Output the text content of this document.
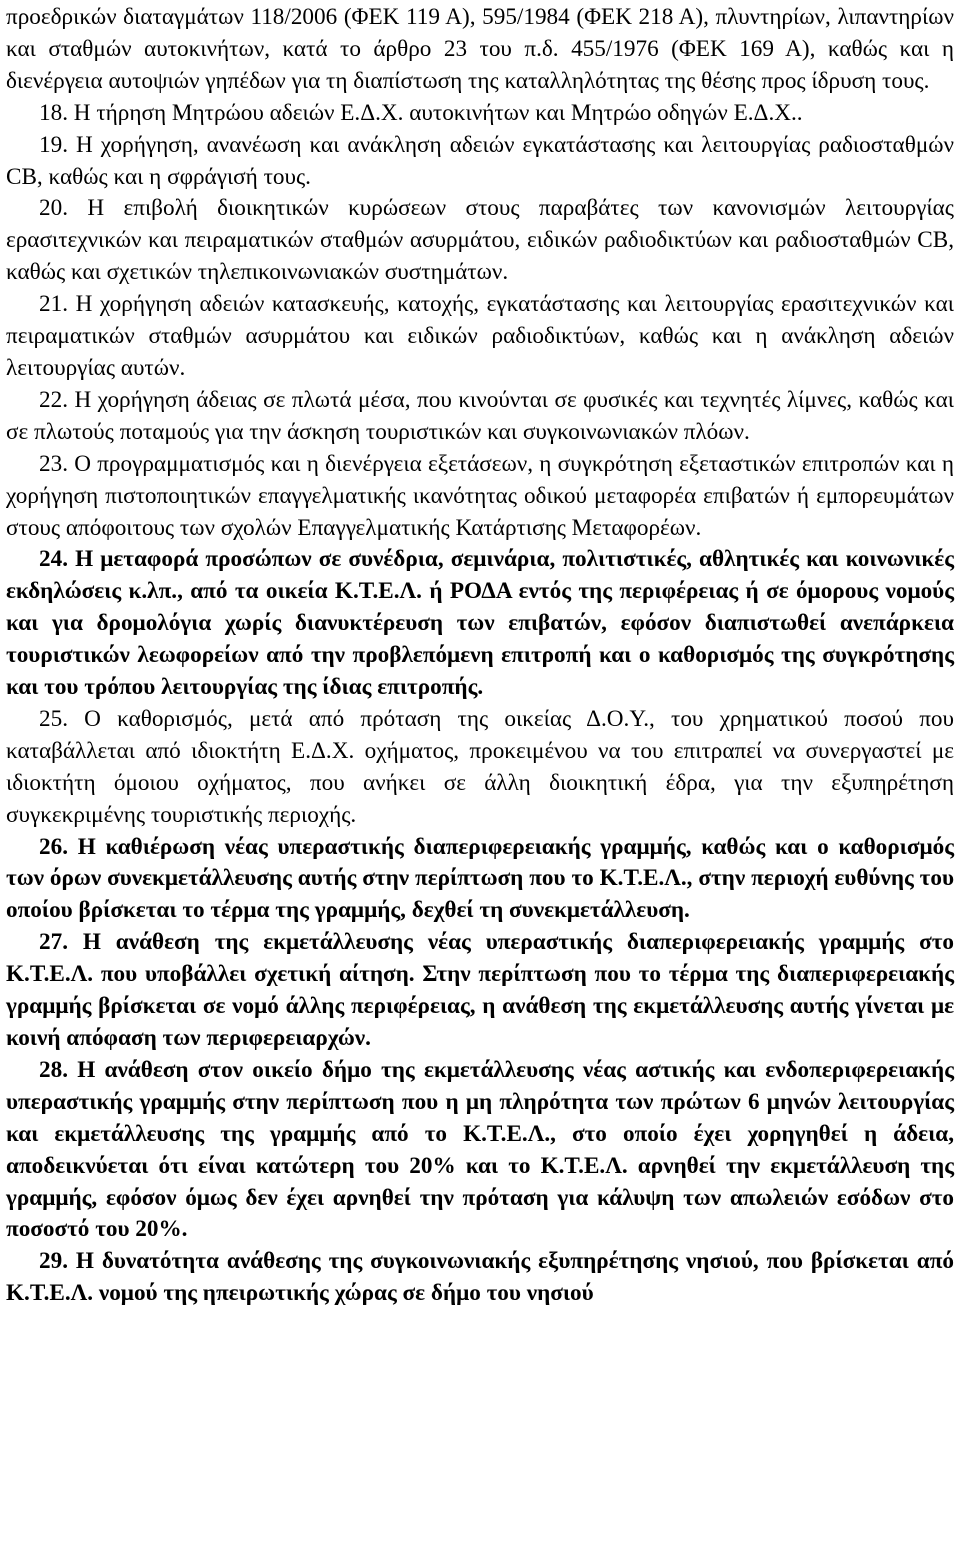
προεδρικών διαταγμάτων 118/2006 (ΦΕΚ 119 Α), 595/1984 (ΦΕΚ 218 Α), πλυντηρίων, λιπαντηρίων και σταθμών αυτοκινήτων, κατά το άρθρο 23 του π.δ. 455/1976 (ΦΕΚ 169 Α), καθώς και η διενέργεια αυτοψιών γηπέδων για τη διαπίστωση της καταλληλότητας της θέσης προς ίδρυση τους.

18. Η τήρηση Μητρώου αδειών Ε.Δ.Χ. αυτοκινήτων και Μητρώο οδηγών Ε.Δ.Χ..

19. Η χορήγηση, ανανέωση και ανάκληση αδειών εγκατάστασης και λειτουργίας ραδιοσταθμών CB, καθώς και η σφράγισή τους.

20. Η επιβολή διοικητικών κυρώσεων στους παραβάτες των κανονισμών λειτουργίας ερασιτεχνικών και πειραματικών σταθμών ασυρμάτου, ειδικών ραδιοδικτύων και ραδιοσταθμών CB, καθώς και σχετικών τηλεπικοινωνιακών συστημάτων.

21. Η χορήγηση αδειών κατασκευής, κατοχής, εγκατάστασης και λειτουργίας ερασιτεχνικών και πειραματικών σταθμών ασυρμάτου και ειδικών ραδιοδικτύων, καθώς και η ανάκληση αδειών λειτουργίας αυτών.

22. Η χορήγηση άδειας σε πλωτά μέσα, που κινούνται σε φυσικές και τεχνητές λίμνες, καθώς και σε πλωτούς ποταμούς για την άσκηση τουριστικών και συγκοινωνιακών πλόων.

23. Ο προγραμματισμός και η διενέργεια εξετάσεων, η συγκρότηση εξεταστικών επιτροπών και η χορήγηση πιστοποιητικών επαγγελματικής ικανότητας οδικού μεταφορέα επιβατών ή εμπορευμάτων στους απόφοιτους των σχολών Επαγγελματικής Κατάρτισης Μεταφορέων.

24. Η μεταφορά προσώπων σε συνέδρια, σεμινάρια, πολιτιστικές, αθλητικές και κοινωνικές εκδηλώσεις κ.λπ., από τα οικεία Κ.Τ.Ε.Λ. ή ΡΟΔΑ εντός της περιφέρειας ή σε όμορους νομούς και για δρομολόγια χωρίς διανυκτέρευση των επιβατών, εφόσον διαπιστωθεί ανεπάρκεια τουριστικών λεωφορείων από την προβλεπόμενη επιτροπή και ο καθορισμός της συγκρότησης και του τρόπου λειτουργίας της ίδιας επιτροπής.

25. Ο καθορισμός, μετά από πρόταση της οικείας Δ.Ο.Υ., του χρηματικού ποσού που καταβάλλεται από ιδιοκτήτη Ε.Δ.Χ. οχήματος, προκειμένου να του επιτραπεί να συνεργαστεί με ιδιοκτήτη όμοιου οχήματος, που ανήκει σε άλλη διοικητική έδρα, για την εξυπηρέτηση συγκεκριμένης τουριστικής περιοχής.

26. Η καθιέρωση νέας υπεραστικής διαπεριφερειακής γραμμής, καθώς και ο καθορισμός των όρων συνεκμετάλλευσης αυτής στην περίπτωση που το Κ.Τ.Ε.Λ., στην περιοχή ευθύνης του οποίου βρίσκεται το τέρμα της γραμμής, δεχθεί τη συνεκμετάλλευση.

27. Η ανάθεση της εκμετάλλευσης νέας υπεραστικής διαπεριφερειακής γραμμής στο Κ.Τ.Ε.Λ. που υποβάλλει σχετική αίτηση. Στην περίπτωση που το τέρμα της διαπεριφερειακής γραμμής βρίσκεται σε νομό άλλης περιφέρειας, η ανάθεση της εκμετάλλευσης αυτής γίνεται με κοινή απόφαση των περιφερειαρχών.

28. Η ανάθεση στον οικείο δήμο της εκμετάλλευσης νέας αστικής και ενδοπεριφερειακής υπεραστικής γραμμής στην περίπτωση που η μη πληρότητα των πρώτων 6 μηνών λειτουργίας και εκμετάλλευσης της γραμμής από το Κ.Τ.Ε.Λ., στο οποίο έχει χορηγηθεί η άδεια, αποδεικνύεται ότι είναι κατώτερη του 20% και το Κ.Τ.Ε.Λ. αρνηθεί την εκμετάλλευση της γραμμής, εφόσον όμως δεν έχει αρνηθεί την πρόταση για κάλυψη των απωλειών εσόδων στο ποσοστό του 20%.

29. Η δυνατότητα ανάθεσης της συγκοινωνιακής εξυπηρέτησης νησιού, που βρίσκεται από Κ.Τ.Ε.Λ. νομού της ηπειρωτικής χώρας σε δήμο του νησιού
